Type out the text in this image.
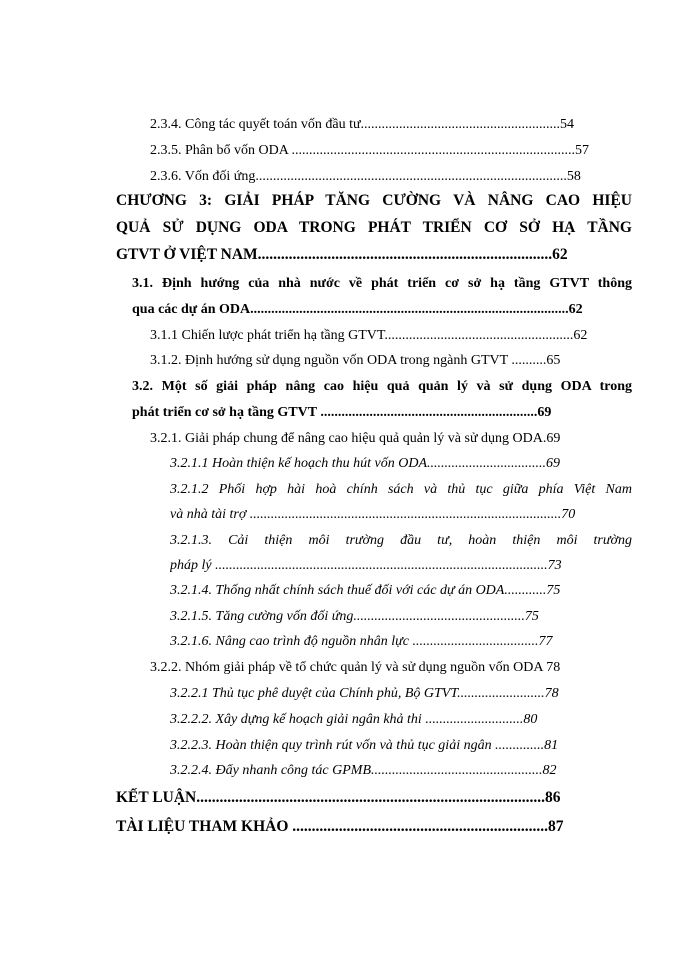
2.3.4. Công tác quyết toán vốn đầu tư.........................................................54
2.3.5. Phân bổ vốn ODA .................................................................................57
2.3.6. Vốn đối ứng.........................................................................................58
CHƯƠNG 3: GIẢI PHÁP TĂNG CƯỜNG VÀ NÂNG CAO HIỆU
QUẢ SỬ DỤNG ODA TRONG PHÁT TRIỂN CƠ SỞ HẠ TẦNG
GTVT Ở VIỆT NAM............................................................................62
3.1. Định hướng của nhà nước về phát triển cơ sở hạ tầng GTVT thông
qua các dự án ODA...........................................................................................62
3.1.1 Chiến lược phát triển hạ tầng GTVT......................................................62
3.1.2. Định hướng sử dụng nguồn vốn ODA trong ngành GTVT ..........65
3.2. Một số giải pháp nâng cao hiệu quả quản lý và sử dụng ODA trong
phát triển cơ sở hạ tầng GTVT ..............................................................69
3.2.1. Giải pháp chung để nâng cao hiệu quả quản lý và sử dụng ODA.69
3.2.1.1 Hoàn thiện kế hoạch thu hút vốn ODA..................................69
3.2.1.2 Phối hợp hài hoà chính sách và thủ tục giữa phía Việt Nam
và nhà tài trợ .........................................................................................70
3.2.1.3. Cải thiện môi trường đầu tư, hoàn thiện môi trường
pháp lý ...............................................................................................73
3.2.1.4. Thống nhất chính sách thuế đối với các dự án ODA............75
3.2.1.5. Tăng cường vốn đối ứng.................................................75
3.2.1.6. Nâng cao trình độ nguồn nhân lực ....................................77
3.2.2. Nhóm giải pháp về tổ chức quản lý và sử dụng nguồn vốn ODA 78
3.2.2.1 Thủ tục phê duyệt của Chính phủ, Bộ GTVT.........................78
3.2.2.2. Xây dựng kế hoạch giải ngân khả thi ............................80
3.2.2.3. Hoàn thiện quy trình rút vốn và thủ tục giải ngân ..............81
3.2.2.4. Đẩy nhanh công tác GPMB.................................................82
KẾT LUẬN..........................................................................................86
TÀI LIỆU THAM KHẢO ..................................................................87
